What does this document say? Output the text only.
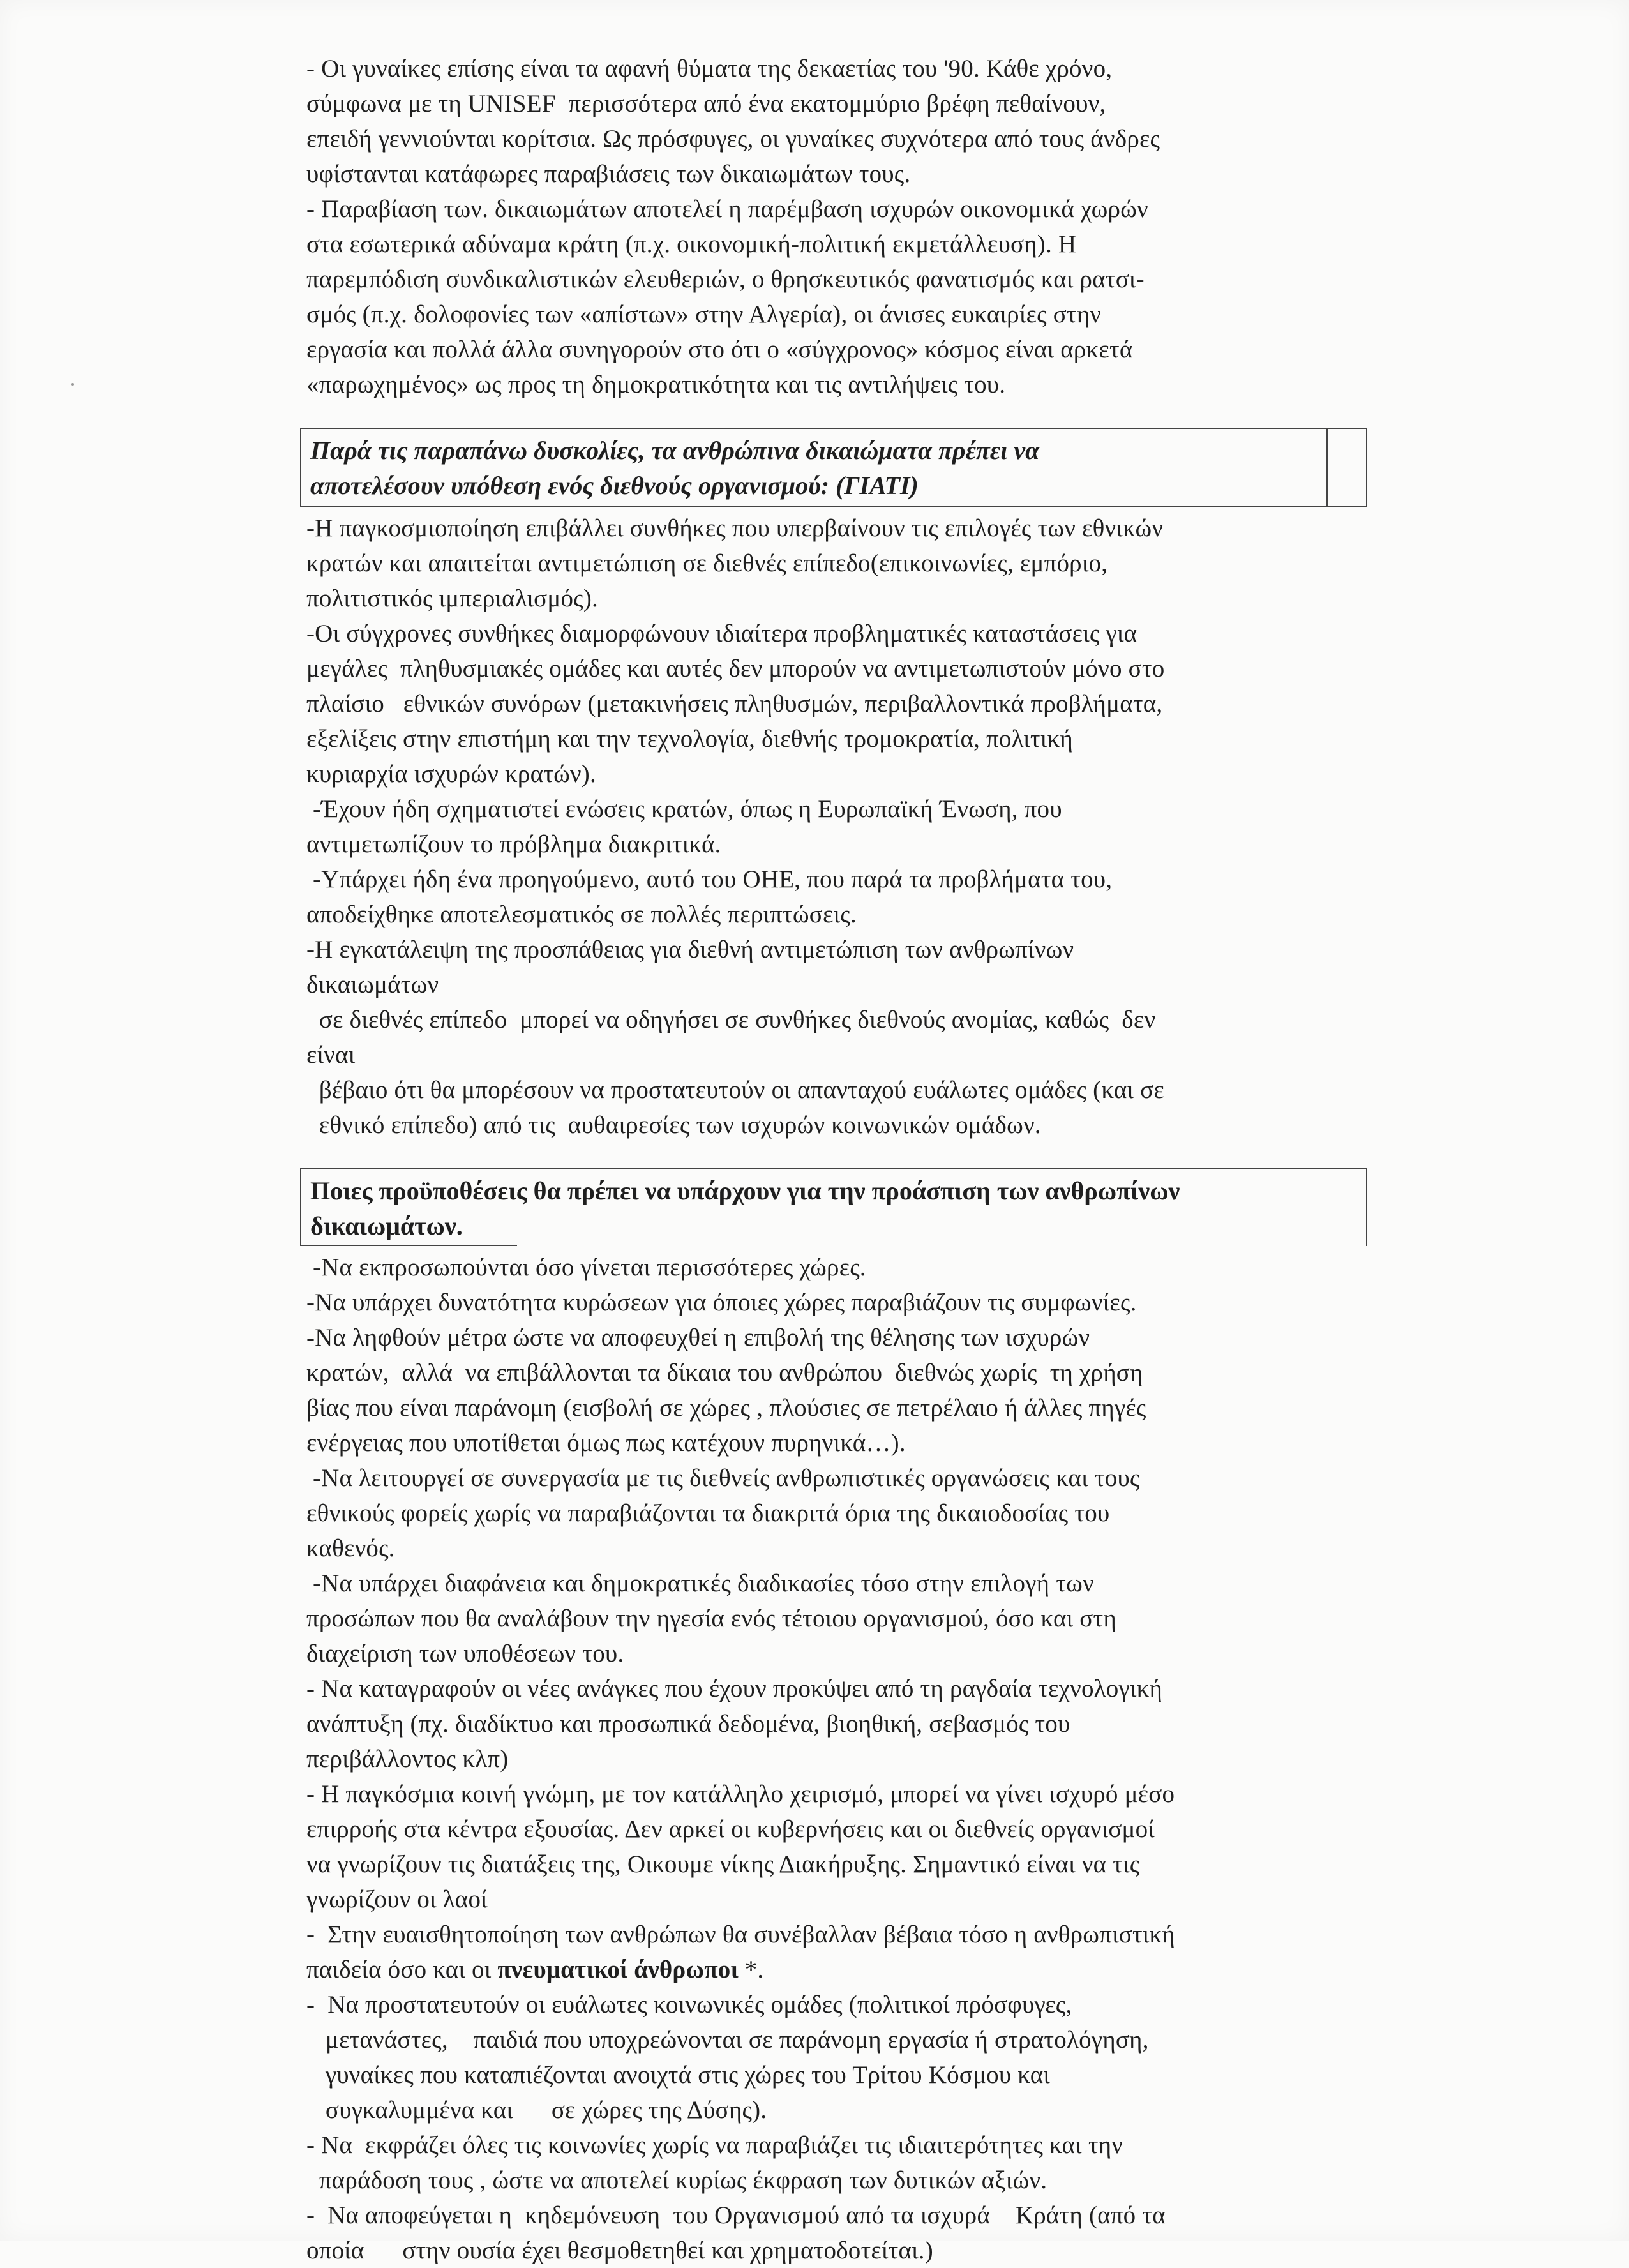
- Οι γυναίκες επίσης είναι τα αφανή θύματα της δεκαετίας του '90. Κάθε χρόνο,
σύμφωνα με τη UNISEF  περισσότερα από ένα εκατομμύριο βρέφη πεθαίνουν,
επειδή γεννιούνται κορίτσια. Ως πρόσφυγες, οι γυναίκες συχνότερα από τους άνδρες
υφίστανται κατάφωρες παραβιάσεις των δικαιωμάτων τους.
- Παραβίαση των. δικαιωμάτων αποτελεί η παρέμβαση ισχυρών οικονομικά χωρών
στα εσωτερικά αδύναμα κράτη (π.χ. οικονομική-πολιτική εκμετάλλευση). Η
παρεμπόδιση συνδικαλιστικών ελευθεριών, ο θρησκευτικός φανατισμός και ρατσι-
σμός (π.χ. δολοφονίες των «απίστων» στην Αλγερία), οι άνισες ευκαιρίες στην
εργασία και πολλά άλλα συνηγορούν στο ότι ο «σύγχρονος» κόσμος είναι αρκετά
«παρωχημένος» ως προς τη δημοκρατικότητα και τις αντιλήψεις του.
Παρά τις παραπάνω δυσκολίες, τα ανθρώπινα δικαιώματα πρέπει να
αποτελέσουν υπόθεση ενός διεθνούς οργανισμού: (ΓΙΑΤΙ)
-Η παγκοσμιοποίηση επιβάλλει συνθήκες που υπερβαίνουν τις επιλογές των εθνικών
κρατών και απαιτείται αντιμετώπιση σε διεθνές επίπεδο(επικοινωνίες, εμπόριο,
πολιτιστικός ιμπεριαλισμός).
-Οι σύγχρονες συνθήκες διαμορφώνουν ιδιαίτερα προβληματικές καταστάσεις για
μεγάλες  πληθυσμιακές ομάδες και αυτές δεν μπορούν να αντιμετωπιστούν μόνο στο
πλαίσιο   εθνικών συνόρων (μετακινήσεις πληθυσμών, περιβαλλοντικά προβλήματα,
εξελίξεις στην επιστήμη και την τεχνολογία, διεθνής τρομοκρατία, πολιτική
κυριαρχία ισχυρών κρατών).
-Έχουν ήδη σχηματιστεί ενώσεις κρατών, όπως η Ευρωπαϊκή Ένωση, που
αντιμετωπίζουν το πρόβλημα διακριτικά.
-Υπάρχει ήδη ένα προηγούμενο, αυτό του ΟΗΕ, που παρά τα προβλήματα του,
αποδείχθηκε αποτελεσματικός σε πολλές περιπτώσεις.
-Η εγκατάλειψη της προσπάθειας για διεθνή αντιμετώπιση των ανθρωπίνων
δικαιωμάτων
σε διεθνές επίπεδο  μπορεί να οδηγήσει σε συνθήκες διεθνούς ανομίας, καθώς  δεν
είναι
βέβαιο ότι θα μπορέσουν να προστατευτούν οι απανταχού ευάλωτες ομάδες (και σε
εθνικό επίπεδο) από τις  αυθαιρεσίες των ισχυρών κοινωνικών ομάδων.
Ποιες προϋποθέσεις θα πρέπει να υπάρχουν για την προάσπιση των ανθρωπίνων
δικαιωμάτων.
-Να εκπροσωπούνται όσο γίνεται περισσότερες χώρες.
-Να υπάρχει δυνατότητα κυρώσεων για όποιες χώρες παραβιάζουν τις συμφωνίες.
-Να ληφθούν μέτρα ώστε να αποφευχθεί η επιβολή της θέλησης των ισχυρών
κρατών,  αλλά  να επιβάλλονται τα δίκαια του ανθρώπου  διεθνώς χωρίς  τη χρήση
βίας που είναι παράνομη (εισβολή σε χώρες , πλούσιες σε πετρέλαιο ή άλλες πηγές
ενέργειας που υποτίθεται όμως πως κατέχουν πυρηνικά…).
-Να λειτουργεί σε συνεργασία με τις διεθνείς ανθρωπιστικές οργανώσεις και τους
εθνικούς φορείς χωρίς να παραβιάζονται τα διακριτά όρια της δικαιοδοσίας του
καθενός.
-Να υπάρχει διαφάνεια και δημοκρατικές διαδικασίες τόσο στην επιλογή των
προσώπων που θα αναλάβουν την ηγεσία ενός τέτοιου οργανισμού, όσο και στη
διαχείριση των υποθέσεων του.
- Να καταγραφούν οι νέες ανάγκες που έχουν προκύψει από τη ραγδαία τεχνολογική
ανάπτυξη (πχ. διαδίκτυο και προσωπικά δεδομένα, βιοηθική, σεβασμός του
περιβάλλοντος κλπ)
- Η παγκόσμια κοινή γνώμη, με τον κατάλληλο χειρισμό, μπορεί να γίνει ισχυρό μέσο
επιρροής στα κέντρα εξουσίας. Δεν αρκεί οι κυβερνήσεις και οι διεθνείς οργανισμοί
να γνωρίζουν τις διατάξεις της, Οικουμε νίκης Διακήρυξης. Σημαντικό είναι να τις
γνωρίζουν οι λαοί
-  Στην ευαισθητοποίηση των ανθρώπων θα συνέβαλλαν βέβαια τόσο η ανθρωπιστική
παιδεία όσο και οι πνευματικοί άνθρωποι *.
-  Να προστατευτούν οι ευάλωτες κοινωνικές ομάδες (πολιτικοί πρόσφυγες,
μετανάστες,    παιδιά που υποχρεώνονται σε παράνομη εργασία ή στρατολόγηση,
γυναίκες που καταπιέζονται ανοιχτά στις χώρες του Τρίτου Κόσμου και
συγκαλυμμένα και      σε χώρες της Δύσης).
- Να  εκφράζει όλες τις κοινωνίες χωρίς να παραβιάζει τις ιδιαιτερότητες και την
παράδοση τους , ώστε να αποτελεί κυρίως έκφραση των δυτικών αξιών.
-  Να αποφεύγεται η  κηδεμόνευση  του Οργανισμού από τα ισχυρά    Κράτη (από τα
οποία      στην ουσία έχει θεσμοθετηθεί και χρηματοδοτείται.)
